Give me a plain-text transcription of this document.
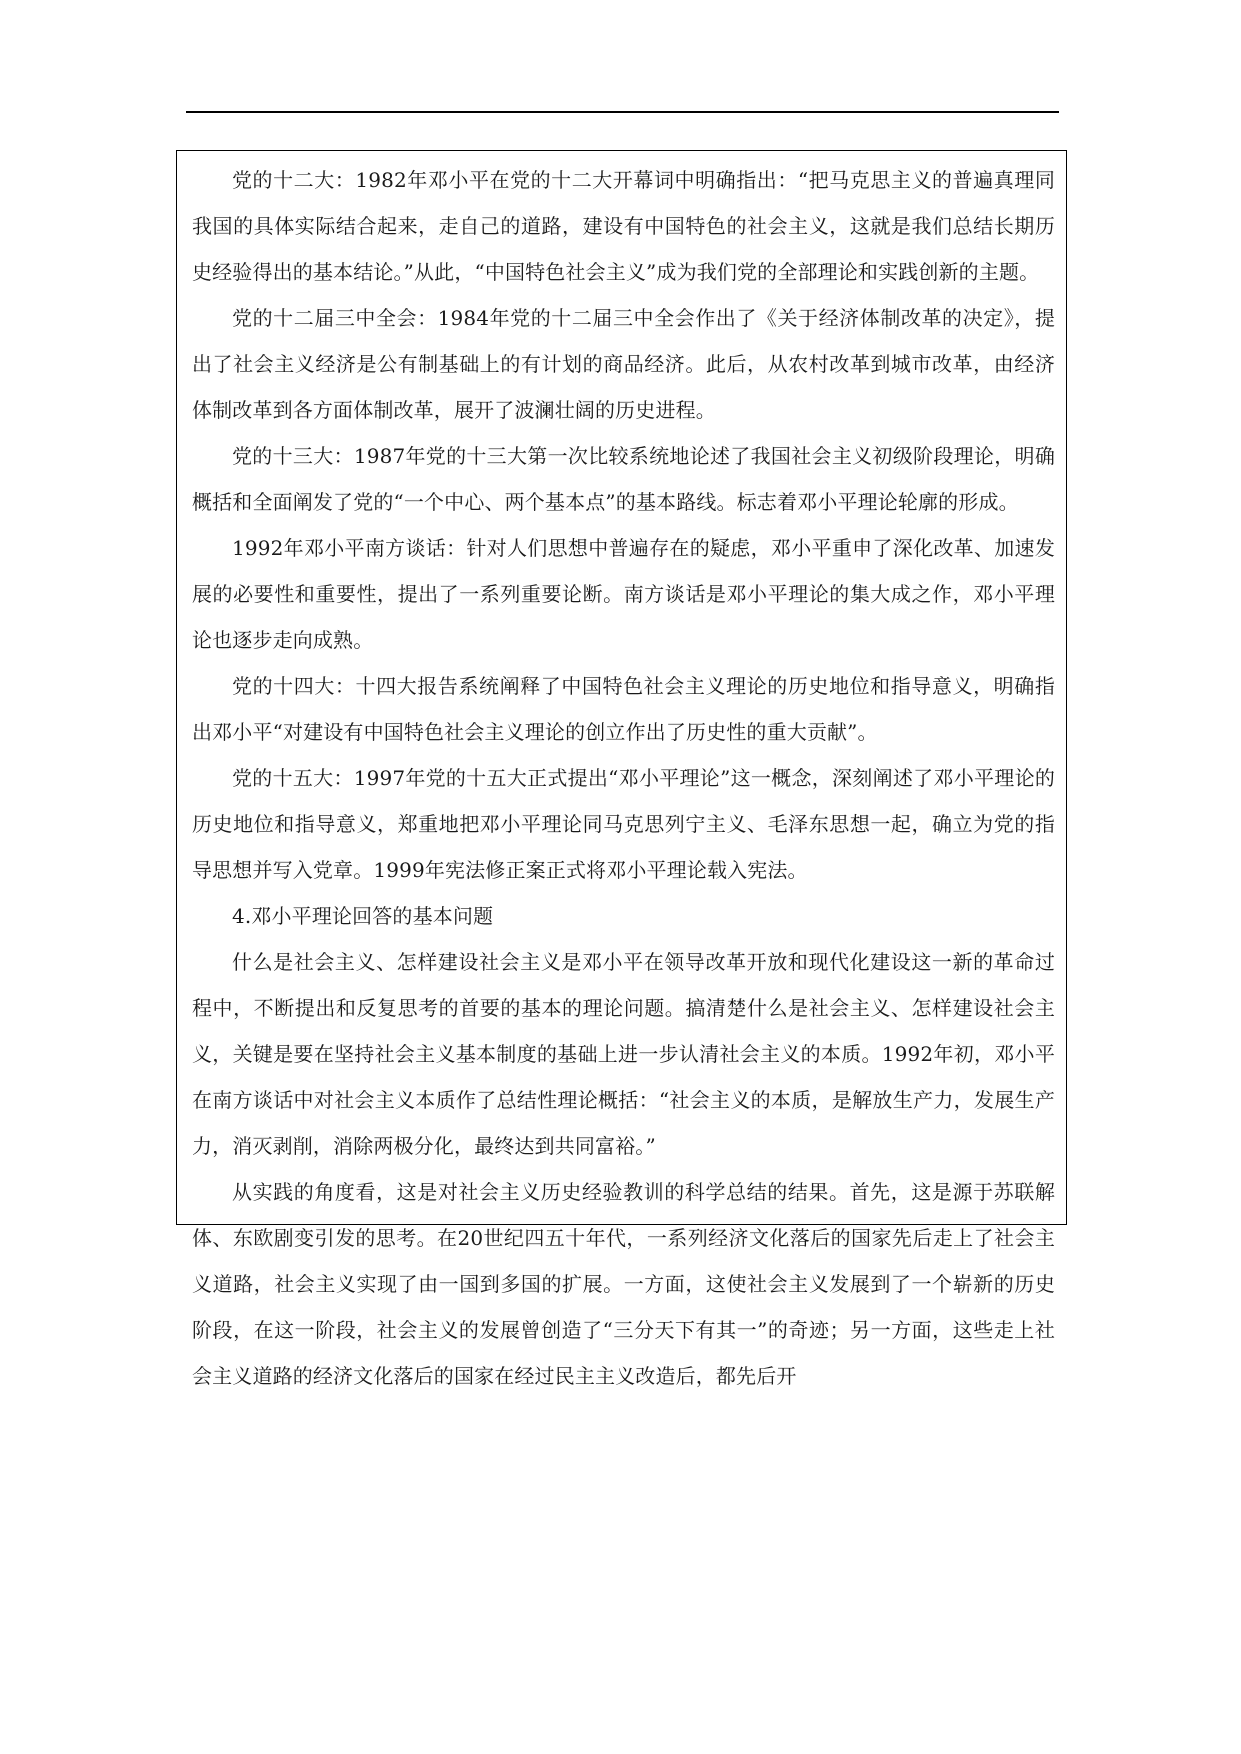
党的十二大：1982年邓小平在党的十二大开幕词中明确指出：“把马克思主义的普遍真理同我国的具体实际结合起来，走自己的道路，建设有中国特色的社会主义，这就是我们总结长期历史经验得出的基本结论。”从此，“中国特色社会主义”成为我们党的全部理论和实践创新的主题。

党的十二届三中全会：1984年党的十二届三中全会作出了《关于经济体制改革的决定》，提出了社会主义经济是公有制基础上的有计划的商品经济。此后，从农村改革到城市改革，由经济体制改革到各方面体制改革，展开了波澜壮阔的历史进程。

党的十三大：1987年党的十三大第一次比较系统地论述了我国社会主义初级阶段理论，明确概括和全面阐发了党的“一个中心、两个基本点”的基本路线。标志着邓小平理论轮廓的形成。

1992年邓小平南方谈话：针对人们思想中普遍存在的疑虑，邓小平重申了深化改革、加速发展的必要性和重要性，提出了一系列重要论断。南方谈话是邓小平理论的集大成之作，邓小平理论也逐步走向成熟。

党的十四大：十四大报告系统阐释了中国特色社会主义理论的历史地位和指导意义，明确指出邓小平“对建设有中国特色社会主义理论的创立作出了历史性的重大贡献”。

党的十五大：1997年党的十五大正式提出“邓小平理论”这一概念，深刻阐述了邓小平理论的历史地位和指导意义，郑重地把邓小平理论同马克思列宁主义、毛泽东思想一起，确立为党的指导思想并写入党章。1999年宪法修正案正式将邓小平理论载入宪法。

4.邓小平理论回答的基本问题

什么是社会主义、怎样建设社会主义是邓小平在领导改革开放和现代化建设这一新的革命过程中，不断提出和反复思考的首要的基本的理论问题。搞清楚什么是社会主义、怎样建设社会主义，关键是要在坚持社会主义基本制度的基础上进一步认清社会主义的本质。1992年初，邓小平在南方谈话中对社会主义本质作了总结性理论概括：“社会主义的本质，是解放生产力，发展生产力，消灭剥削，消除两极分化，最终达到共同富裕。”

从实践的角度看，这是对社会主义历史经验教训的科学总结的结果。首先，这是源于苏联解体、东欧剧变引发的思考。在20世纪四五十年代，一系列经济文化落后的国家先后走上了社会主义道路，社会主义实现了由一国到多国的扩展。一方面，这使社会主义发展到了一个崭新的历史阶段，在这一阶段，社会主义的发展曾创造了“三分天下有其一”的奇迹；另一方面，这些走上社会主义道路的经济文化落后的国家在经过民主主义改造后，都先后开
